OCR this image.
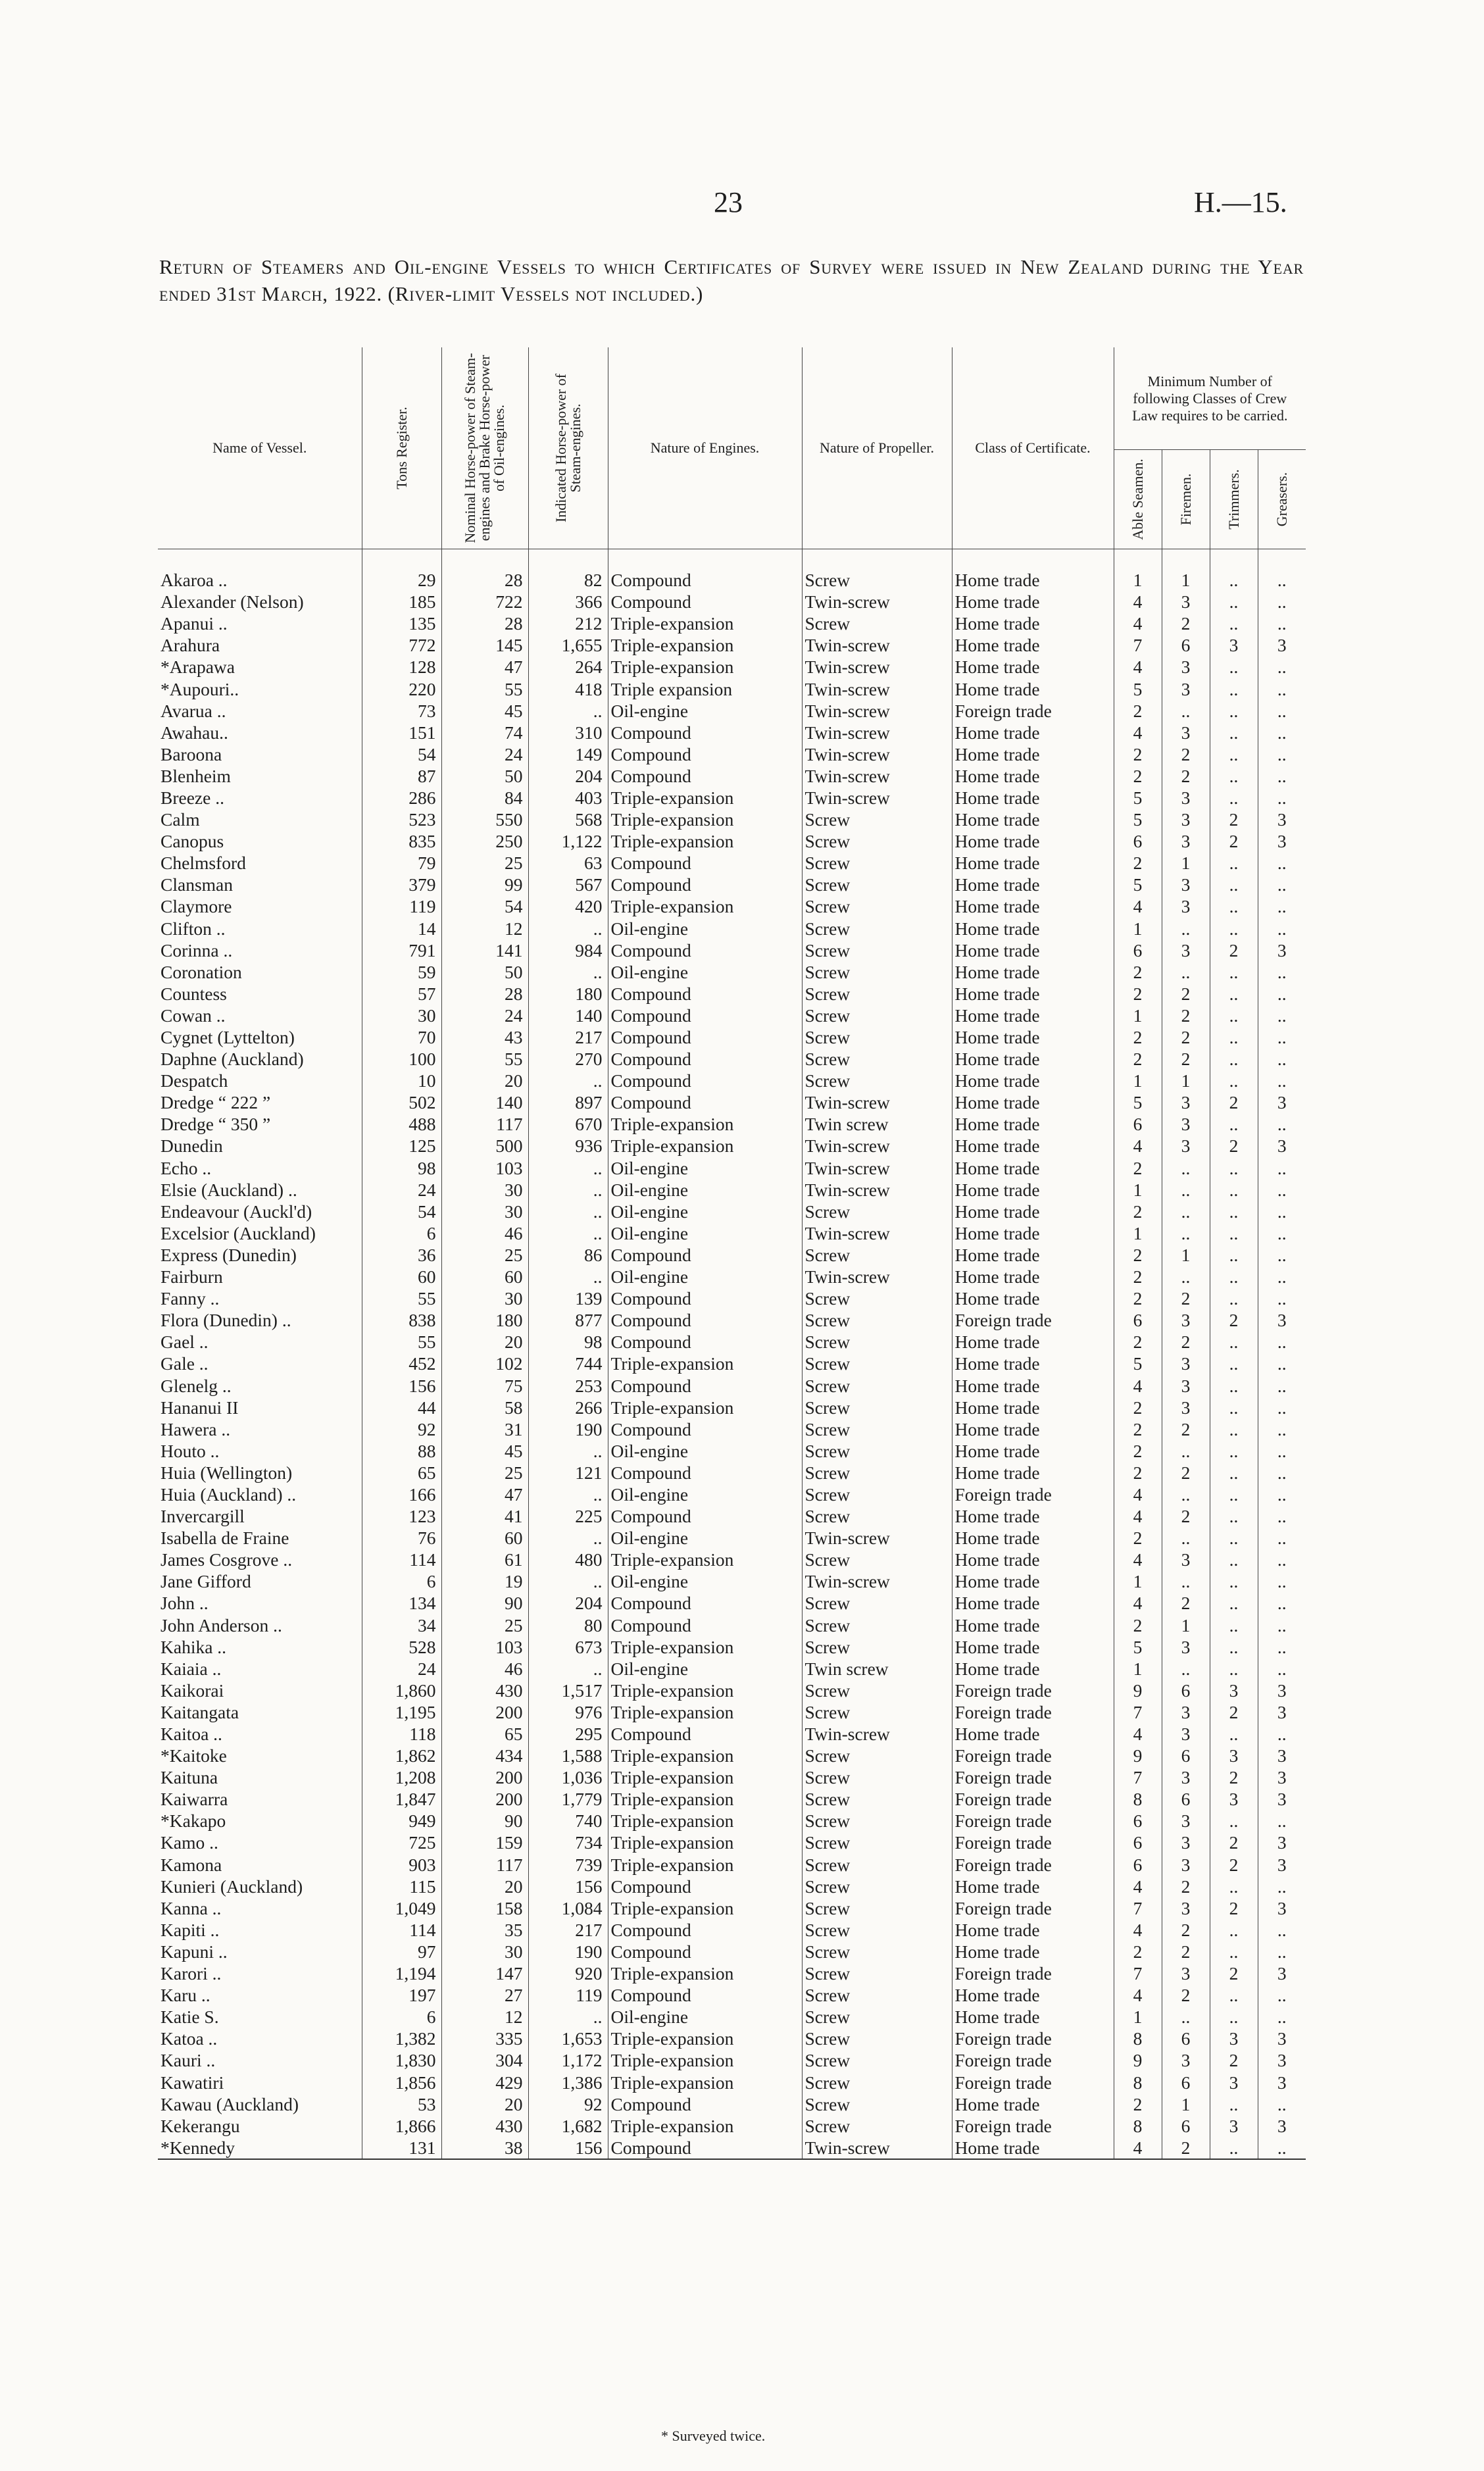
23	H.—15.
Return of Steamers and Oil-engine Vessels to which Certificates of Survey were issued in New Zealand during the Year ended 31st March, 1922. (River-limit Vessels not included.)
Name of Vessel.	Tons Register.	Nominal Horse-power of Steam-engines and Brake Horse-power of Oil-engines.	Indicated Horse-power of Steam-engines.	Nature of Engines.	Nature of Propeller.	Class of Certificate.	Minimum Number of following Classes of Crew Law requires to be carried.			

							Able Seamen.	Firemen.	Trimmers.	Greasers.

Akaroa ..	29	28	82	Compound	Screw	Home trade	1	1	..	..
Alexander (Nelson)	185	722	366	Compound	Twin-screw	Home trade	4	3	..	..
Apanui ..	135	28	212	Triple-expansion	Screw	Home trade	4	2	..	..
Arahura	772	145	1,655	Triple-expansion	Twin-screw	Home trade	7	6	3	3
*Arapawa	128	47	264	Triple-expansion	Twin-screw	Home trade	4	3	..	..
*Aupouri..	220	55	418	Triple expansion	Twin-screw	Home trade	5	3	..	..
Avarua ..	73	45	..	Oil-engine	Twin-screw	Foreign trade	2	..	..	..
Awahau..	151	74	310	Compound	Twin-screw	Home trade	4	3	..	..
Baroona	54	24	149	Compound	Twin-screw	Home trade	2	2	..	..
Blenheim	87	50	204	Compound	Twin-screw	Home trade	2	2	..	..
Breeze ..	286	84	403	Triple-expansion	Twin-screw	Home trade	5	3	..	..
Calm	523	550	568	Triple-expansion	Screw	Home trade	5	3	2	3
Canopus	835	250	1,122	Triple-expansion	Screw	Home trade	6	3	2	3
Chelmsford	79	25	63	Compound	Screw	Home trade	2	1	..	..
Clansman	379	99	567	Compound	Screw	Home trade	5	3	..	..
Claymore	119	54	420	Triple-expansion	Screw	Home trade	4	3	..	..
Clifton ..	14	12	..	Oil-engine	Screw	Home trade	1	..	..	..
Corinna ..	791	141	984	Compound	Screw	Home trade	6	3	2	3
Coronation	59	50	..	Oil-engine	Screw	Home trade	2	..	..	..
Countess	57	28	180	Compound	Screw	Home trade	2	2	..	..
Cowan ..	30	24	140	Compound	Screw	Home trade	1	2	..	..
Cygnet (Lyttelton)	70	43	217	Compound	Screw	Home trade	2	2	..	..
Daphne (Auckland)	100	55	270	Compound	Screw	Home trade	2	2	..	..
Despatch	10	20	..	Compound	Screw	Home trade	1	1	..	..
Dredge “ 222 ”	502	140	897	Compound	Twin-screw	Home trade	5	3	2	3
Dredge “ 350 ”	488	117	670	Triple-expansion	Twin screw	Home trade	6	3	..	..
Dunedin	125	500	936	Triple-expansion	Twin-screw	Home trade	4	3	2	3
Echo ..	98	103	..	Oil-engine	Twin-screw	Home trade	2	..	..	..
Elsie (Auckland) ..	24	30	..	Oil-engine	Twin-screw	Home trade	1	..	..	..
Endeavour (Auckl'd)	54	30	..	Oil-engine	Screw	Home trade	2	..	..	..
Excelsior (Auckland)	6	46	..	Oil-engine	Twin-screw	Home trade	1	..	..	..
Express (Dunedin)	36	25	86	Compound	Screw	Home trade	2	1	..	..
Fairburn	60	60	..	Oil-engine	Twin-screw	Home trade	2	..	..	..
Fanny ..	55	30	139	Compound	Screw	Home trade	2	2	..	..
Flora (Dunedin) ..	838	180	877	Compound	Screw	Foreign trade	6	3	2	3
Gael ..	55	20	98	Compound	Screw	Home trade	2	2	..	..
Gale ..	452	102	744	Triple-expansion	Screw	Home trade	5	3	..	..
Glenelg ..	156	75	253	Compound	Screw	Home trade	4	3	..	..
Hananui II	44	58	266	Triple-expansion	Screw	Home trade	2	3	..	..
Hawera ..	92	31	190	Compound	Screw	Home trade	2	2	..	..
Houto ..	88	45	..	Oil-engine	Screw	Home trade	2	..	..	..
Huia (Wellington)	65	25	121	Compound	Screw	Home trade	2	2	..	..
Huia (Auckland) ..	166	47	..	Oil-engine	Screw	Foreign trade	4	..	..	..
Invercargill	123	41	225	Compound	Screw	Home trade	4	2	..	..
Isabella de Fraine	76	60	..	Oil-engine	Twin-screw	Home trade	2	..	..	..
James Cosgrove ..	114	61	480	Triple-expansion	Screw	Home trade	4	3	..	..
Jane Gifford	6	19	..	Oil-engine	Twin-screw	Home trade	1	..	..	..
John ..	134	90	204	Compound	Screw	Home trade	4	2	..	..
John Anderson ..	34	25	80	Compound	Screw	Home trade	2	1	..	..
Kahika ..	528	103	673	Triple-expansion	Screw	Home trade	5	3	..	..
Kaiaia ..	24	46	..	Oil-engine	Twin screw	Home trade	1	..	..	..
Kaikorai	1,860	430	1,517	Triple-expansion	Screw	Foreign trade	9	6	3	3
Kaitangata	1,195	200	976	Triple-expansion	Screw	Foreign trade	7	3	2	3
Kaitoa ..	118	65	295	Compound	Twin-screw	Home trade	4	3	..	..
*Kaitoke	1,862	434	1,588	Triple-expansion	Screw	Foreign trade	9	6	3	3
Kaituna	1,208	200	1,036	Triple-expansion	Screw	Foreign trade	7	3	2	3
Kaiwarra	1,847	200	1,779	Triple-expansion	Screw	Foreign trade	8	6	3	3
*Kakapo	949	90	740	Triple-expansion	Screw	Foreign trade	6	3	..	..
Kamo ..	725	159	734	Triple-expansion	Screw	Foreign trade	6	3	2	3
Kamona	903	117	739	Triple-expansion	Screw	Foreign trade	6	3	2	3
Kunieri (Auckland)	115	20	156	Compound	Screw	Home trade	4	2	..	..
Kanna ..	1,049	158	1,084	Triple-expansion	Screw	Foreign trade	7	3	2	3
Kapiti ..	114	35	217	Compound	Screw	Home trade	4	2	..	..
Kapuni ..	97	30	190	Compound	Screw	Home trade	2	2	..	..
Karori ..	1,194	147	920	Triple-expansion	Screw	Foreign trade	7	3	2	3
Karu ..	197	27	119	Compound	Screw	Home trade	4	2	..	..
Katie S.	6	12	..	Oil-engine	Screw	Home trade	1	..	..	..
Katoa ..	1,382	335	1,653	Triple-expansion	Screw	Foreign trade	8	6	3	3
Kauri ..	1,830	304	1,172	Triple-expansion	Screw	Foreign trade	9	3	2	3
Kawatiri	1,856	429	1,386	Triple-expansion	Screw	Foreign trade	8	6	3	3
Kawau (Auckland)	53	20	92	Compound	Screw	Home trade	2	1	..	..
Kekerangu	1,866	430	1,682	Triple-expansion	Screw	Foreign trade	8	6	3	3
*Kennedy	131	38	156	Compound	Twin-screw	Home trade	4	2	..	..
* Surveyed twice.
